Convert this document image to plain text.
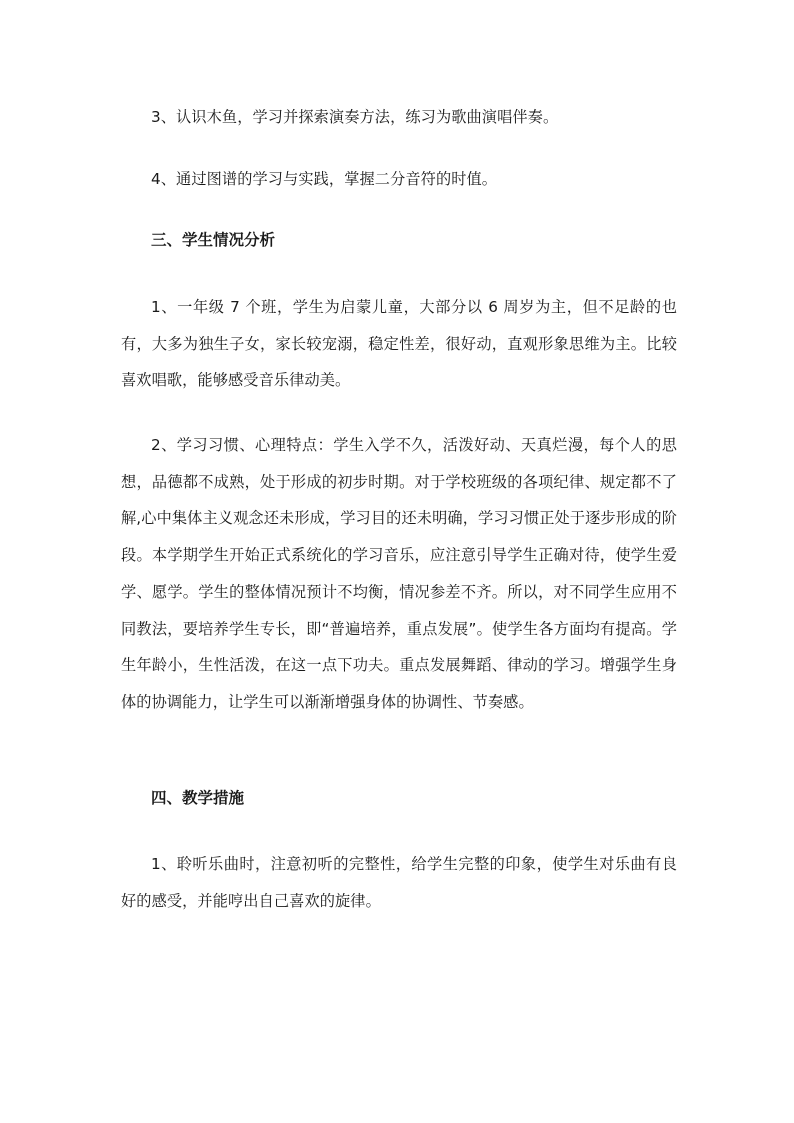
3、认识木鱼，学习并探索演奏方法，练习为歌曲演唱伴奏。

4、通过图谱的学习与实践，掌握二分音符的时值。

三、学生情况分析

1、一年级 7 个班，学生为启蒙儿童，大部分以 6 周岁为主，但不足龄的也有，大多为独生子女，家长较宠溺，稳定性差，很好动，直观形象思维为主。比较喜欢唱歌，能够感受音乐律动美。

2、学习习惯、心理特点：学生入学不久，活泼好动、天真烂漫，每个人的思想，品德都不成熟，处于形成的初步时期。对于学校班级的各项纪律、规定都不了解,心中集体主义观念还未形成，学习目的还未明确，学习习惯正处于逐步形成的阶段。本学期学生开始正式系统化的学习音乐，应注意引导学生正确对待，使学生爱学、愿学。学生的整体情况预计不均衡，情况参差不齐。所以，对不同学生应用不同教法，要培养学生专长，即“普遍培养，重点发展”。使学生各方面均有提高。学生年龄小，生性活泼，在这一点下功夫。重点发展舞蹈、律动的学习。增强学生身体的协调能力，让学生可以渐渐增强身体的协调性、节奏感。

四、教学措施

1、聆听乐曲时，注意初听的完整性，给学生完整的印象，使学生对乐曲有良好的感受，并能哼出自己喜欢的旋律。
